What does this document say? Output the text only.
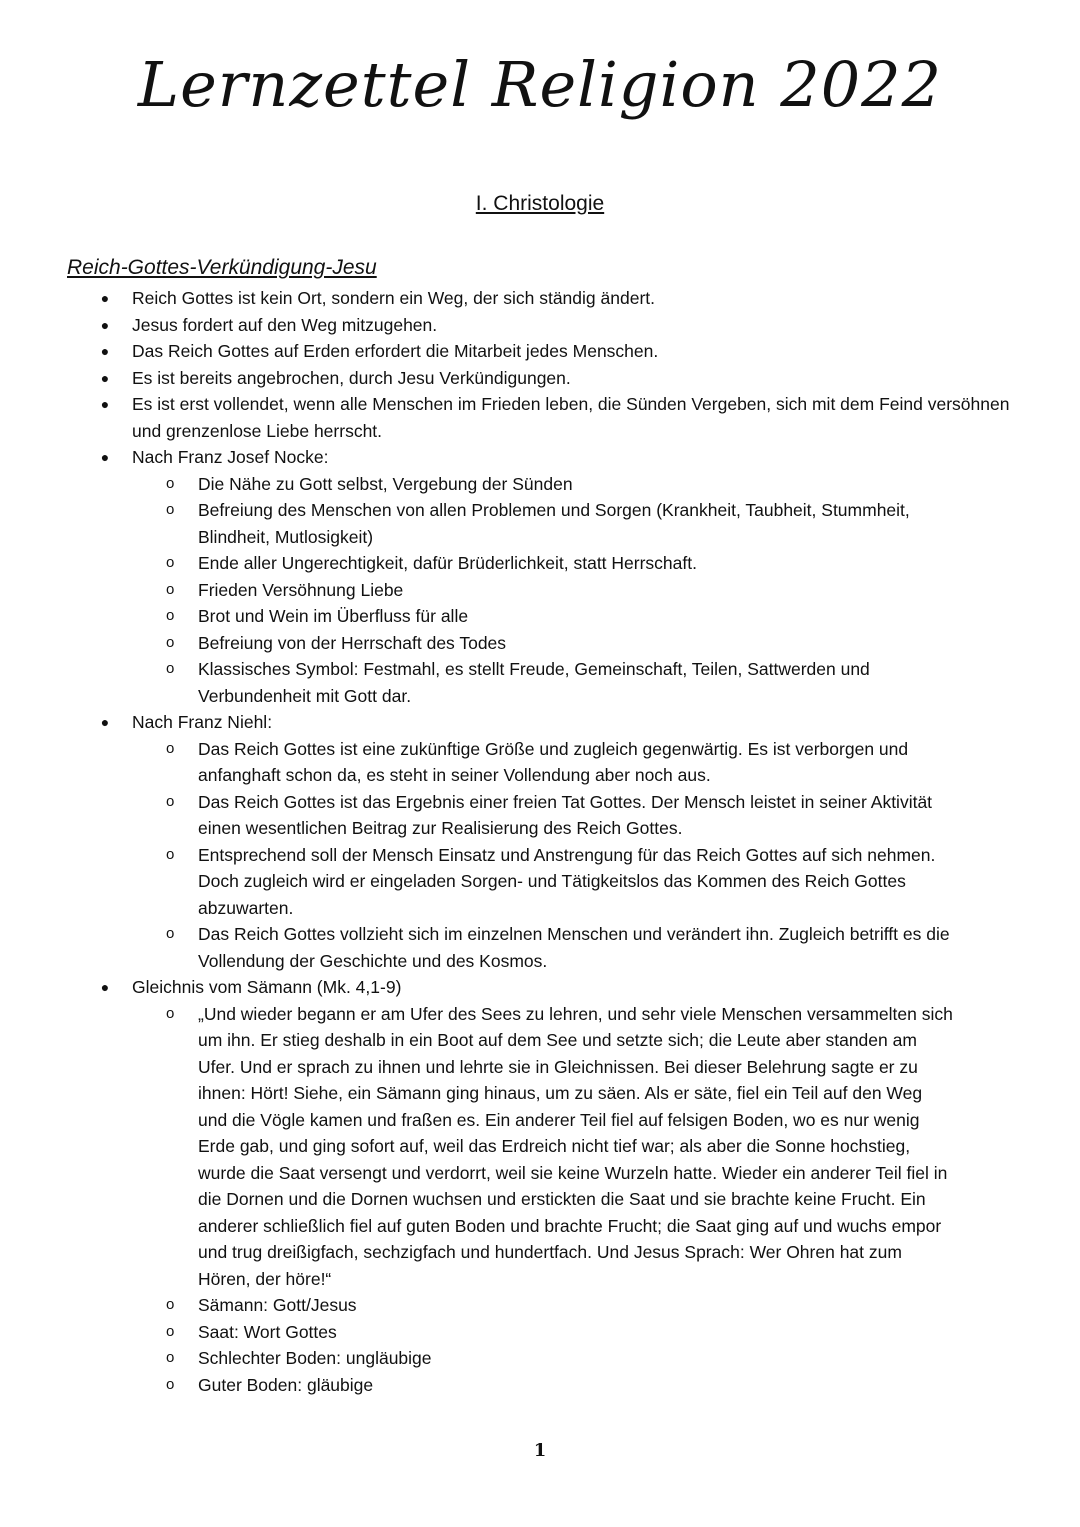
Lernzettel Religion 2022
I. Christologie
Reich-Gottes-Verkündigung-Jesu
● Reich Gottes ist kein Ort, sondern ein Weg, der sich ständig ändert.
● Jesus fordert auf den Weg mitzugehen.
● Das Reich Gottes auf Erden erfordert die Mitarbeit jedes Menschen.
● Es ist bereits angebrochen, durch Jesu Verkündigungen.
● Es ist erst vollendet, wenn alle Menschen im Frieden leben, die Sünden Vergeben, sich mit dem Feind versöhnen und grenzenlose Liebe herrscht.
● Nach Franz Josef Nocke:
o Die Nähe zu Gott selbst, Vergebung der Sünden
o Befreiung des Menschen von allen Problemen und Sorgen (Krankheit, Taubheit, Stummheit, Blindheit, Mutlosigkeit)
o Ende aller Ungerechtigkeit, dafür Brüderlichkeit, statt Herrschaft.
o Frieden Versöhnung Liebe
o Brot und Wein im Überfluss für alle
o Befreiung von der Herrschaft des Todes
o Klassisches Symbol: Festmahl, es stellt Freude, Gemeinschaft, Teilen, Sattwerden und Verbundenheit mit Gott dar.
● Nach Franz Niehl:
o Das Reich Gottes ist eine zukünftige Größe und zugleich gegenwärtig. Es ist verborgen und anfanghaft schon da, es steht in seiner Vollendung aber noch aus.
o Das Reich Gottes ist das Ergebnis einer freien Tat Gottes. Der Mensch leistet in seiner Aktivität einen wesentlichen Beitrag zur Realisierung des Reich Gottes.
o Entsprechend soll der Mensch Einsatz und Anstrengung für das Reich Gottes auf sich nehmen. Doch zugleich wird er eingeladen Sorgen- und Tätigkeitslos das Kommen des Reich Gottes abzuwarten.
o Das Reich Gottes vollzieht sich im einzelnen Menschen und verändert ihn. Zugleich betrifft es die Vollendung der Geschichte und des Kosmos.
● Gleichnis vom Sämann (Mk. 4,1-9)
o „Und wieder begann er am Ufer des Sees zu lehren, und sehr viele Menschen versammelten sich um ihn. Er stieg deshalb in ein Boot auf dem See und setzte sich; die Leute aber standen am Ufer. Und er sprach zu ihnen und lehrte sie in Gleichnissen. Bei dieser Belehrung sagte er zu ihnen: Hört! Siehe, ein Sämann ging hinaus, um zu säen. Als er säte, fiel ein Teil auf den Weg und die Vögle kamen und fraßen es. Ein anderer Teil fiel auf felsigen Boden, wo es nur wenig Erde gab, und ging sofort auf, weil das Erdreich nicht tief war; als aber die Sonne hochstieg, wurde die Saat versengt und verdorrt, weil sie keine Wurzeln hatte. Wieder ein anderer Teil fiel in die Dornen und die Dornen wuchsen und erstickten die Saat und sie brachte keine Frucht. Ein anderer schließlich fiel auf guten Boden und brachte Frucht; die Saat ging auf und wuchs empor und trug dreißigfach, sechzigfach und hundertfach. Und Jesus Sprach: Wer Ohren hat zum Hören, der höre!“
o Sämann: Gott/Jesus
o Saat: Wort Gottes
o Schlechter Boden: ungläubige
o Guter Boden: gläubige
1
